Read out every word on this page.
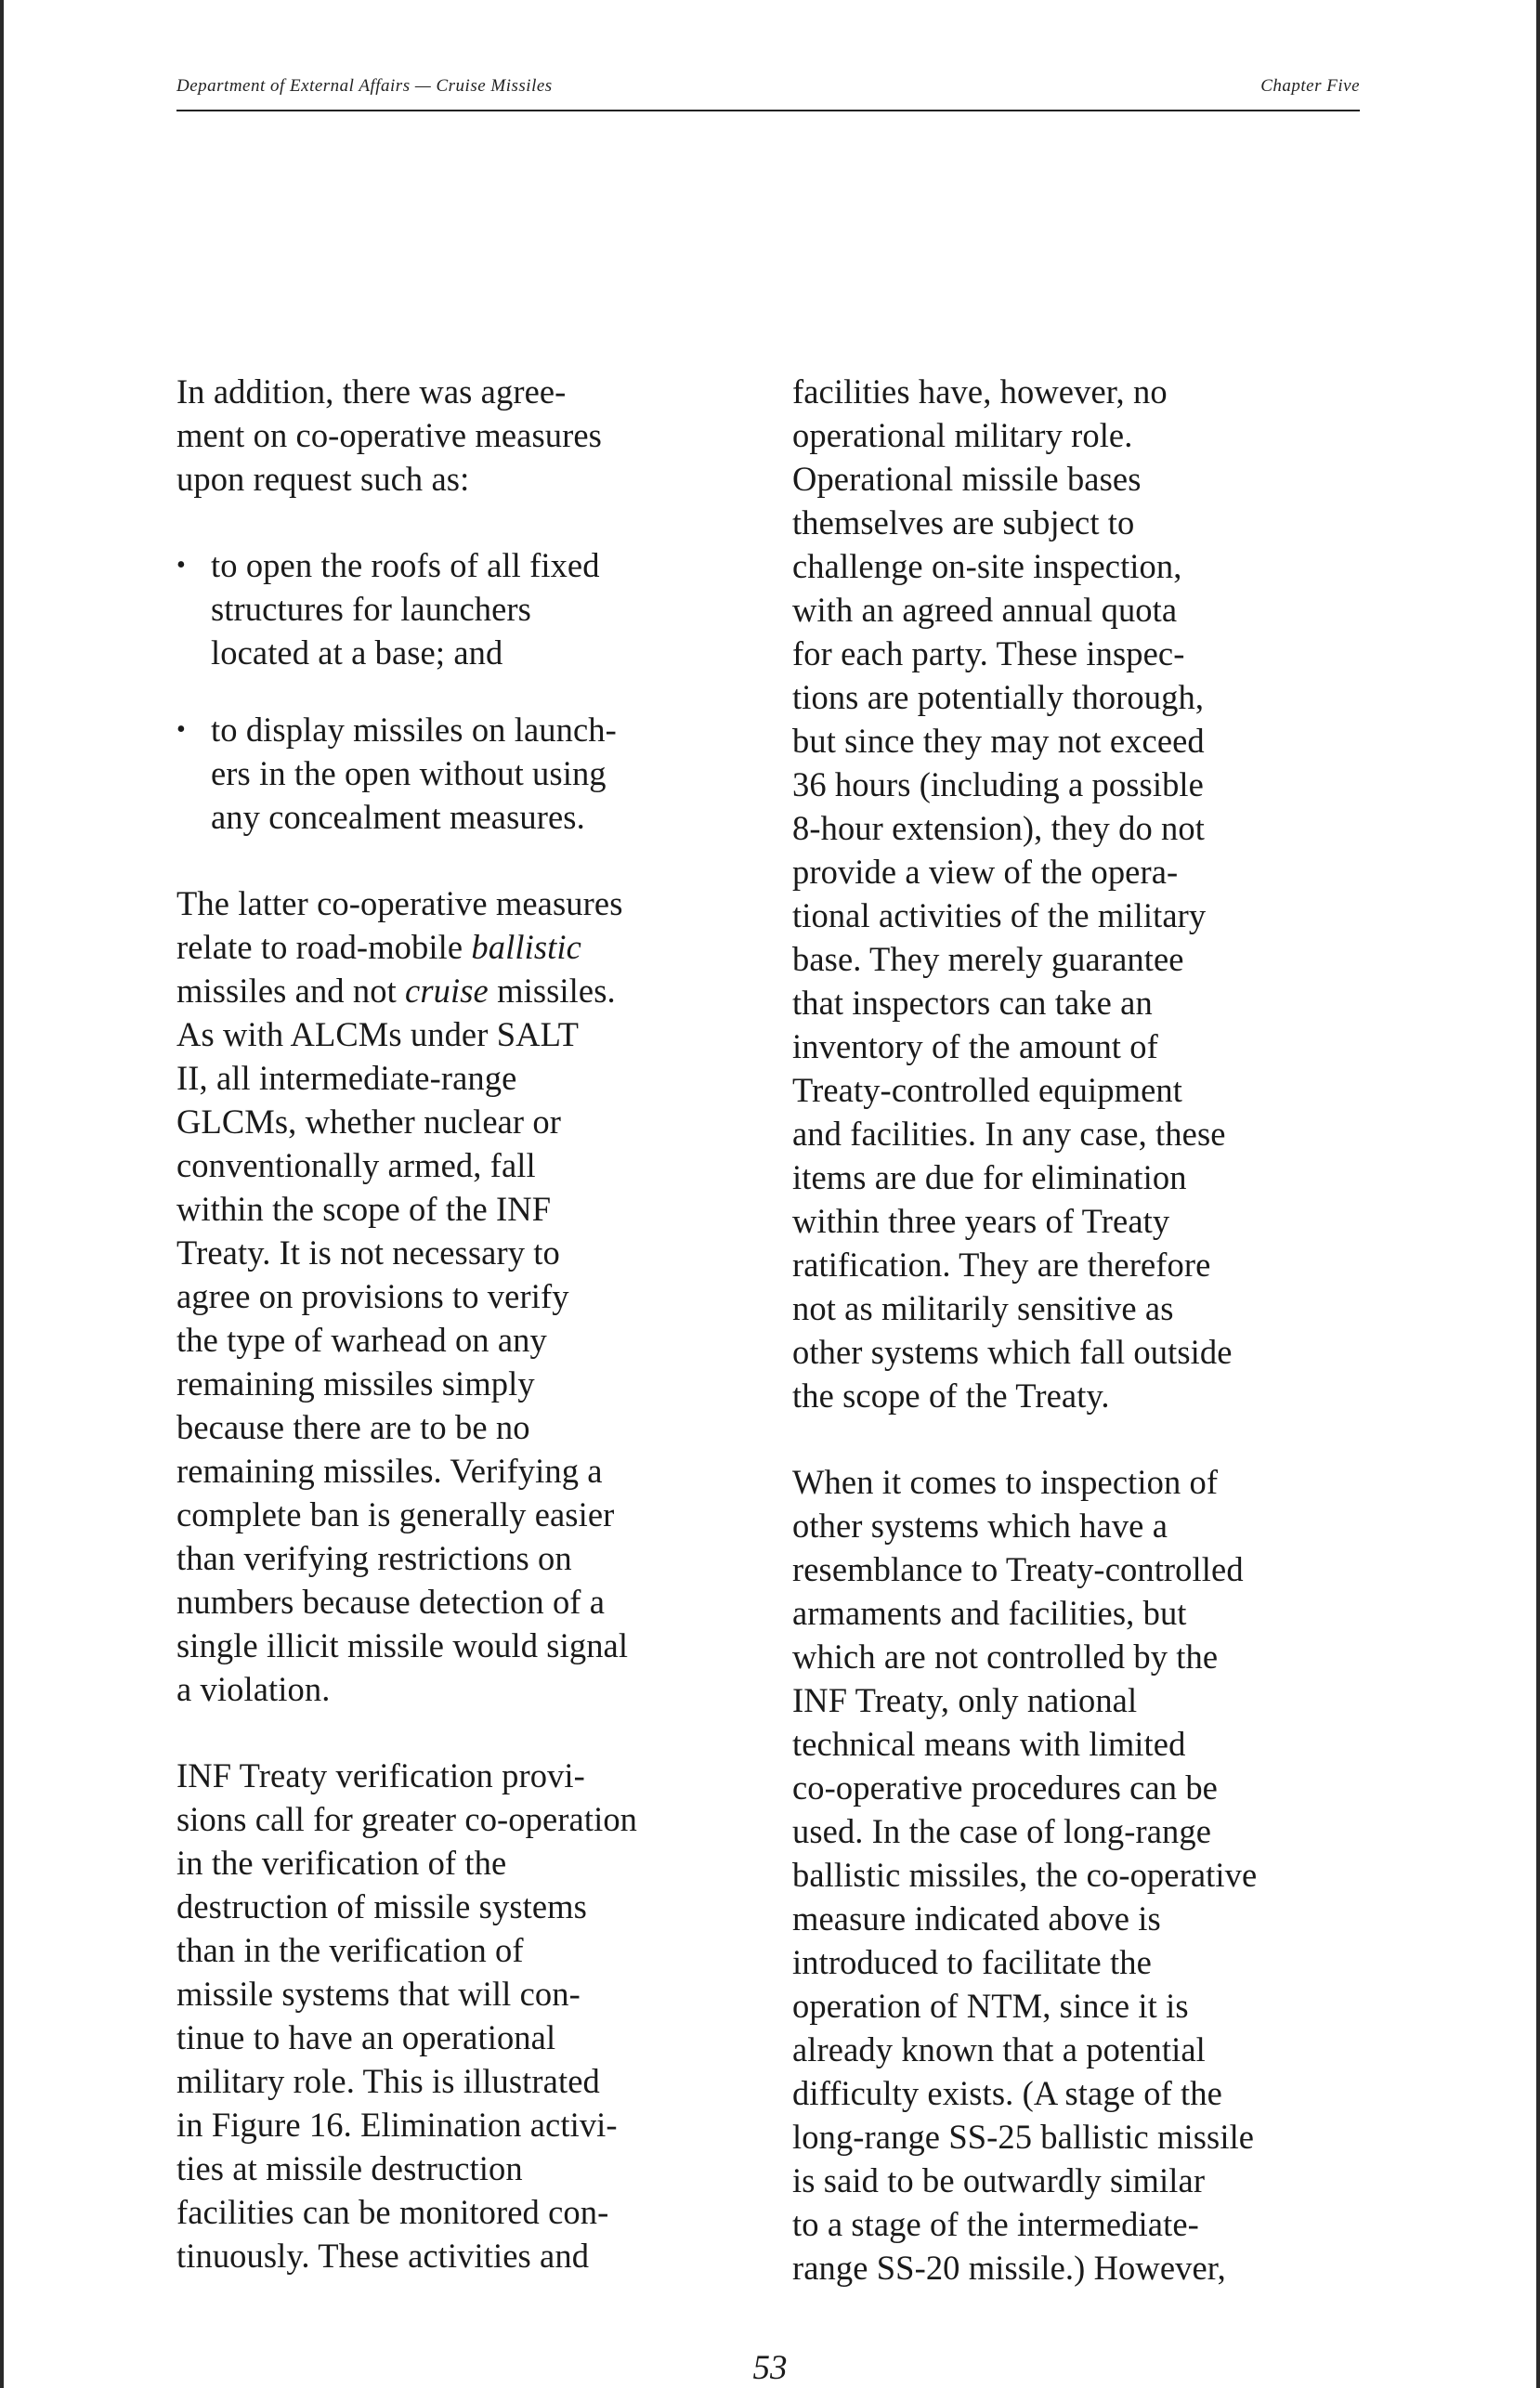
Department of External Affairs — Cruise Missiles	Chapter Five

In addition, there was agree-
ment on co-operative measures
upon request such as:

• to open the roofs of all fixed
structures for launchers
located at a base; and
• to display missiles on launch-
ers in the open without using
any concealment measures.

The latter co-operative measures
relate to road-mobile ballistic
missiles and not cruise missiles.
As with ALCMs under SALT
II, all intermediate-range
GLCMs, whether nuclear or
conventionally armed, fall
within the scope of the INF
Treaty. It is not necessary to
agree on provisions to verify
the type of warhead on any
remaining missiles simply
because there are to be no
remaining missiles. Verifying a
complete ban is generally easier
than verifying restrictions on
numbers because detection of a
single illicit missile would signal
a violation.

INF Treaty verification provi-
sions call for greater co-operation
in the verification of the
destruction of missile systems
than in the verification of
missile systems that will con-
tinue to have an operational
military role. This is illustrated
in Figure 16. Elimination activi-
ties at missile destruction
facilities can be monitored con-
tinuously. These activities and

facilities have, however, no
operational military role.
Operational missile bases
themselves are subject to
challenge on-site inspection,
with an agreed annual quota
for each party. These inspec-
tions are potentially thorough,
but since they may not exceed
36 hours (including a possible
8-hour extension), they do not
provide a view of the opera-
tional activities of the military
base. They merely guarantee
that inspectors can take an
inventory of the amount of
Treaty-controlled equipment
and facilities. In any case, these
items are due for elimination
within three years of Treaty
ratification. They are therefore
not as militarily sensitive as
other systems which fall outside
the scope of the Treaty.

When it comes to inspection of
other systems which have a
resemblance to Treaty-controlled
armaments and facilities, but
which are not controlled by the
INF Treaty, only national
technical means with limited
co-operative procedures can be
used. In the case of long-range
ballistic missiles, the co-operative
measure indicated above is
introduced to facilitate the
operation of NTM, since it is
already known that a potential
difficulty exists. (A stage of the
long-range SS-25 ballistic missile
is said to be outwardly similar
to a stage of the intermediate-
range SS-20 missile.) However,

53
